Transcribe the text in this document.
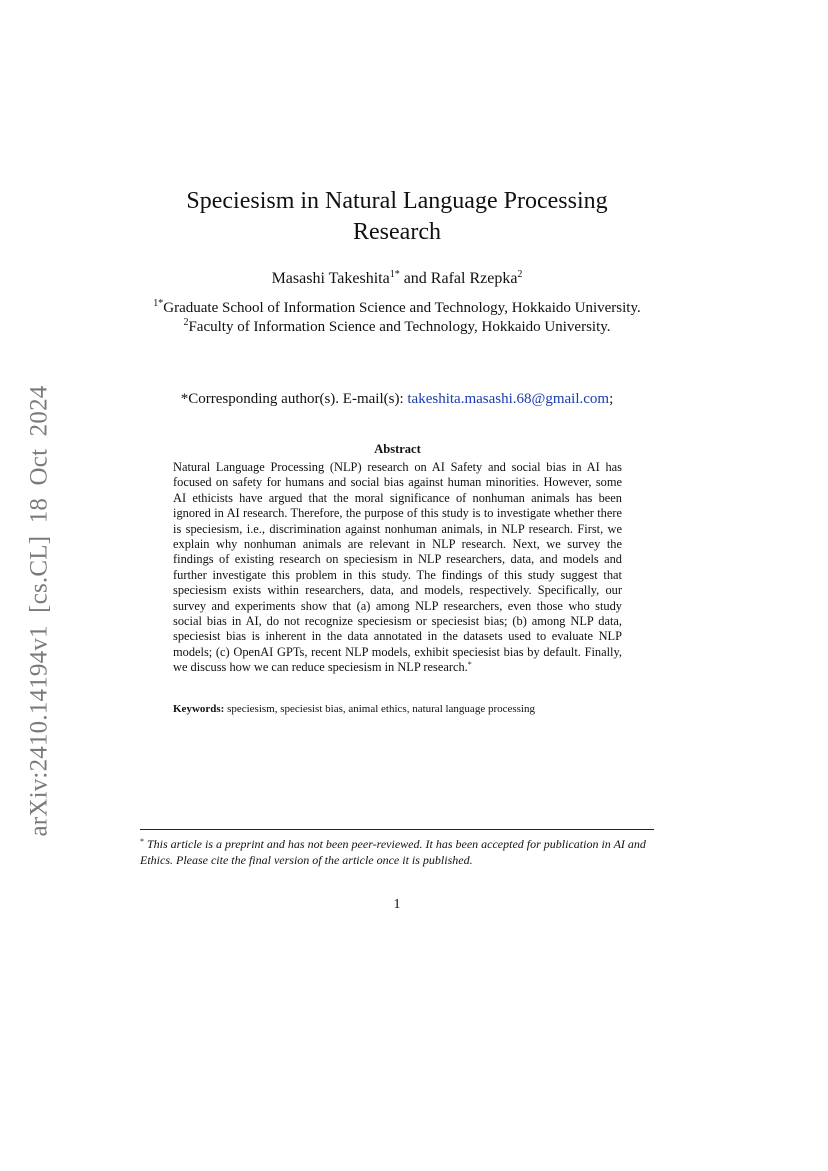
arXiv:2410.14194v1 [cs.CL] 18 Oct 2024
Speciesism in Natural Language Processing Research
Masashi Takeshita$^{1*}$ and Rafal Rzepka$^2$

$^{1*}$Graduate School of Information Science and Technology, Hokkaido University.

$^2$Faculty of Information Science and Technology, Hokkaido University.

*Corresponding author(s). E-mail(s): takeshita.masashi.68@gmail.com;
Abstract
Natural Language Processing (NLP) research on AI Safety and social bias in AI has focused on safety for humans and social bias against human minorities. However, some AI ethicists have argued that the moral significance of nonhuman animals has been ignored in AI research. Therefore, the purpose of this study is to investigate whether there is speciesism, i.e., discrimination against nonhuman animals, in NLP research. First, we explain why nonhuman animals are relevant in NLP research. Next, we survey the findings of existing research on speciesism in NLP researchers, data, and models and further investigate this problem in this study. The findings of this study suggest that speciesism exists within researchers, data, and models, respectively. Specifically, our survey and experiments show that (a) among NLP researchers, even those who study social bias in AI, do not recognize speciesism or speciesist bias; (b) among NLP data, speciesist bias is inherent in the data annotated in the datasets used to evaluate NLP models; (c) OpenAI GPTs, recent NLP models, exhibit speciesist bias by default. Finally, we discuss how we can reduce speciesism in NLP research.*
Keywords: speciesism, speciesist bias, animal ethics, natural language processing
* This article is a preprint and has not been peer-reviewed. It has been accepted for publication in AI and Ethics. Please cite the final version of the article once it is published.
1
